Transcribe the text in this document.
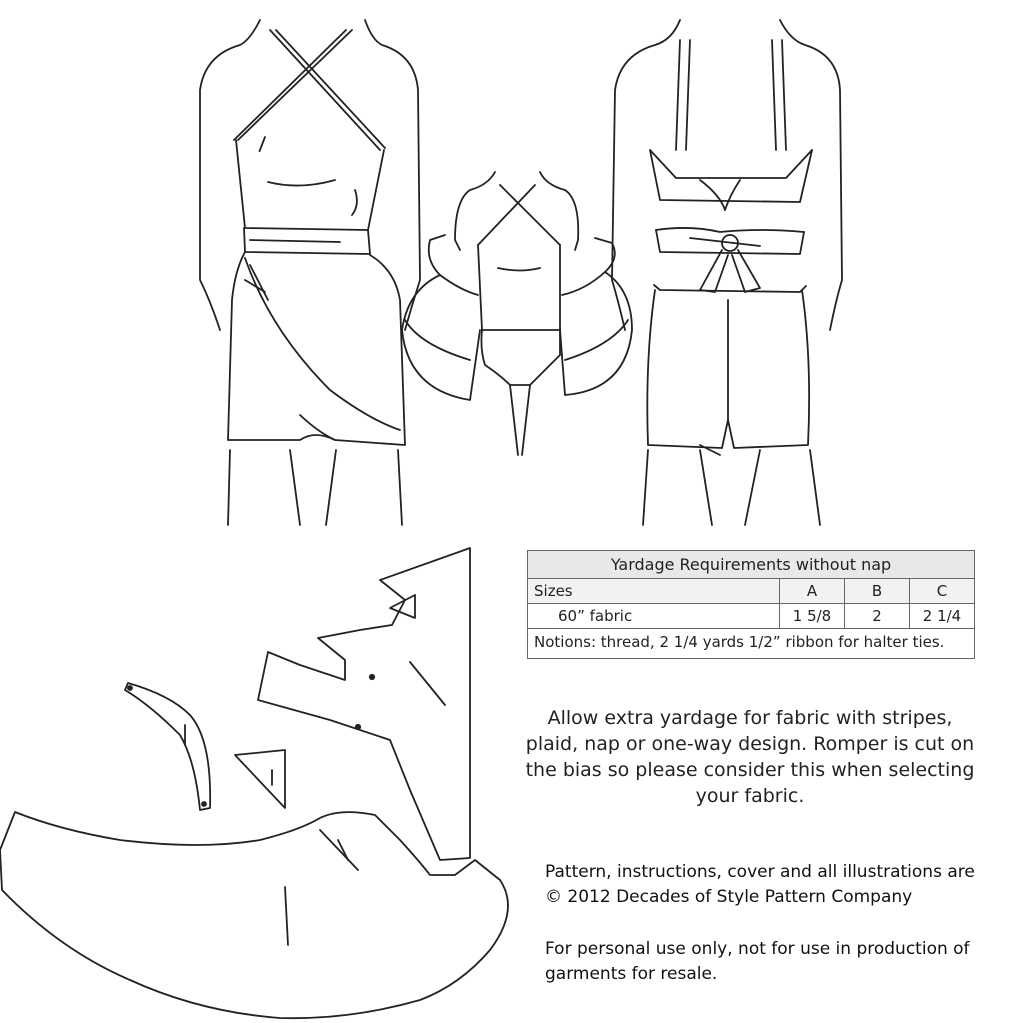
Yardage Requirements without nap			
Sizes	A	B	C
60” fabric	1 5/8	2	2 1/4
Notions: thread, 2 1/4 yards 1/2” ribbon for halter ties.			
Allow extra yardage for fabric with stripes, plaid, nap or one-way design. Romper is cut on the bias so please consider this when selecting your fabric.
Pattern, instructions, cover and all illustrations are © 2012 Decades of Style Pattern Company
For personal use only, not for use in production of garments for resale.
